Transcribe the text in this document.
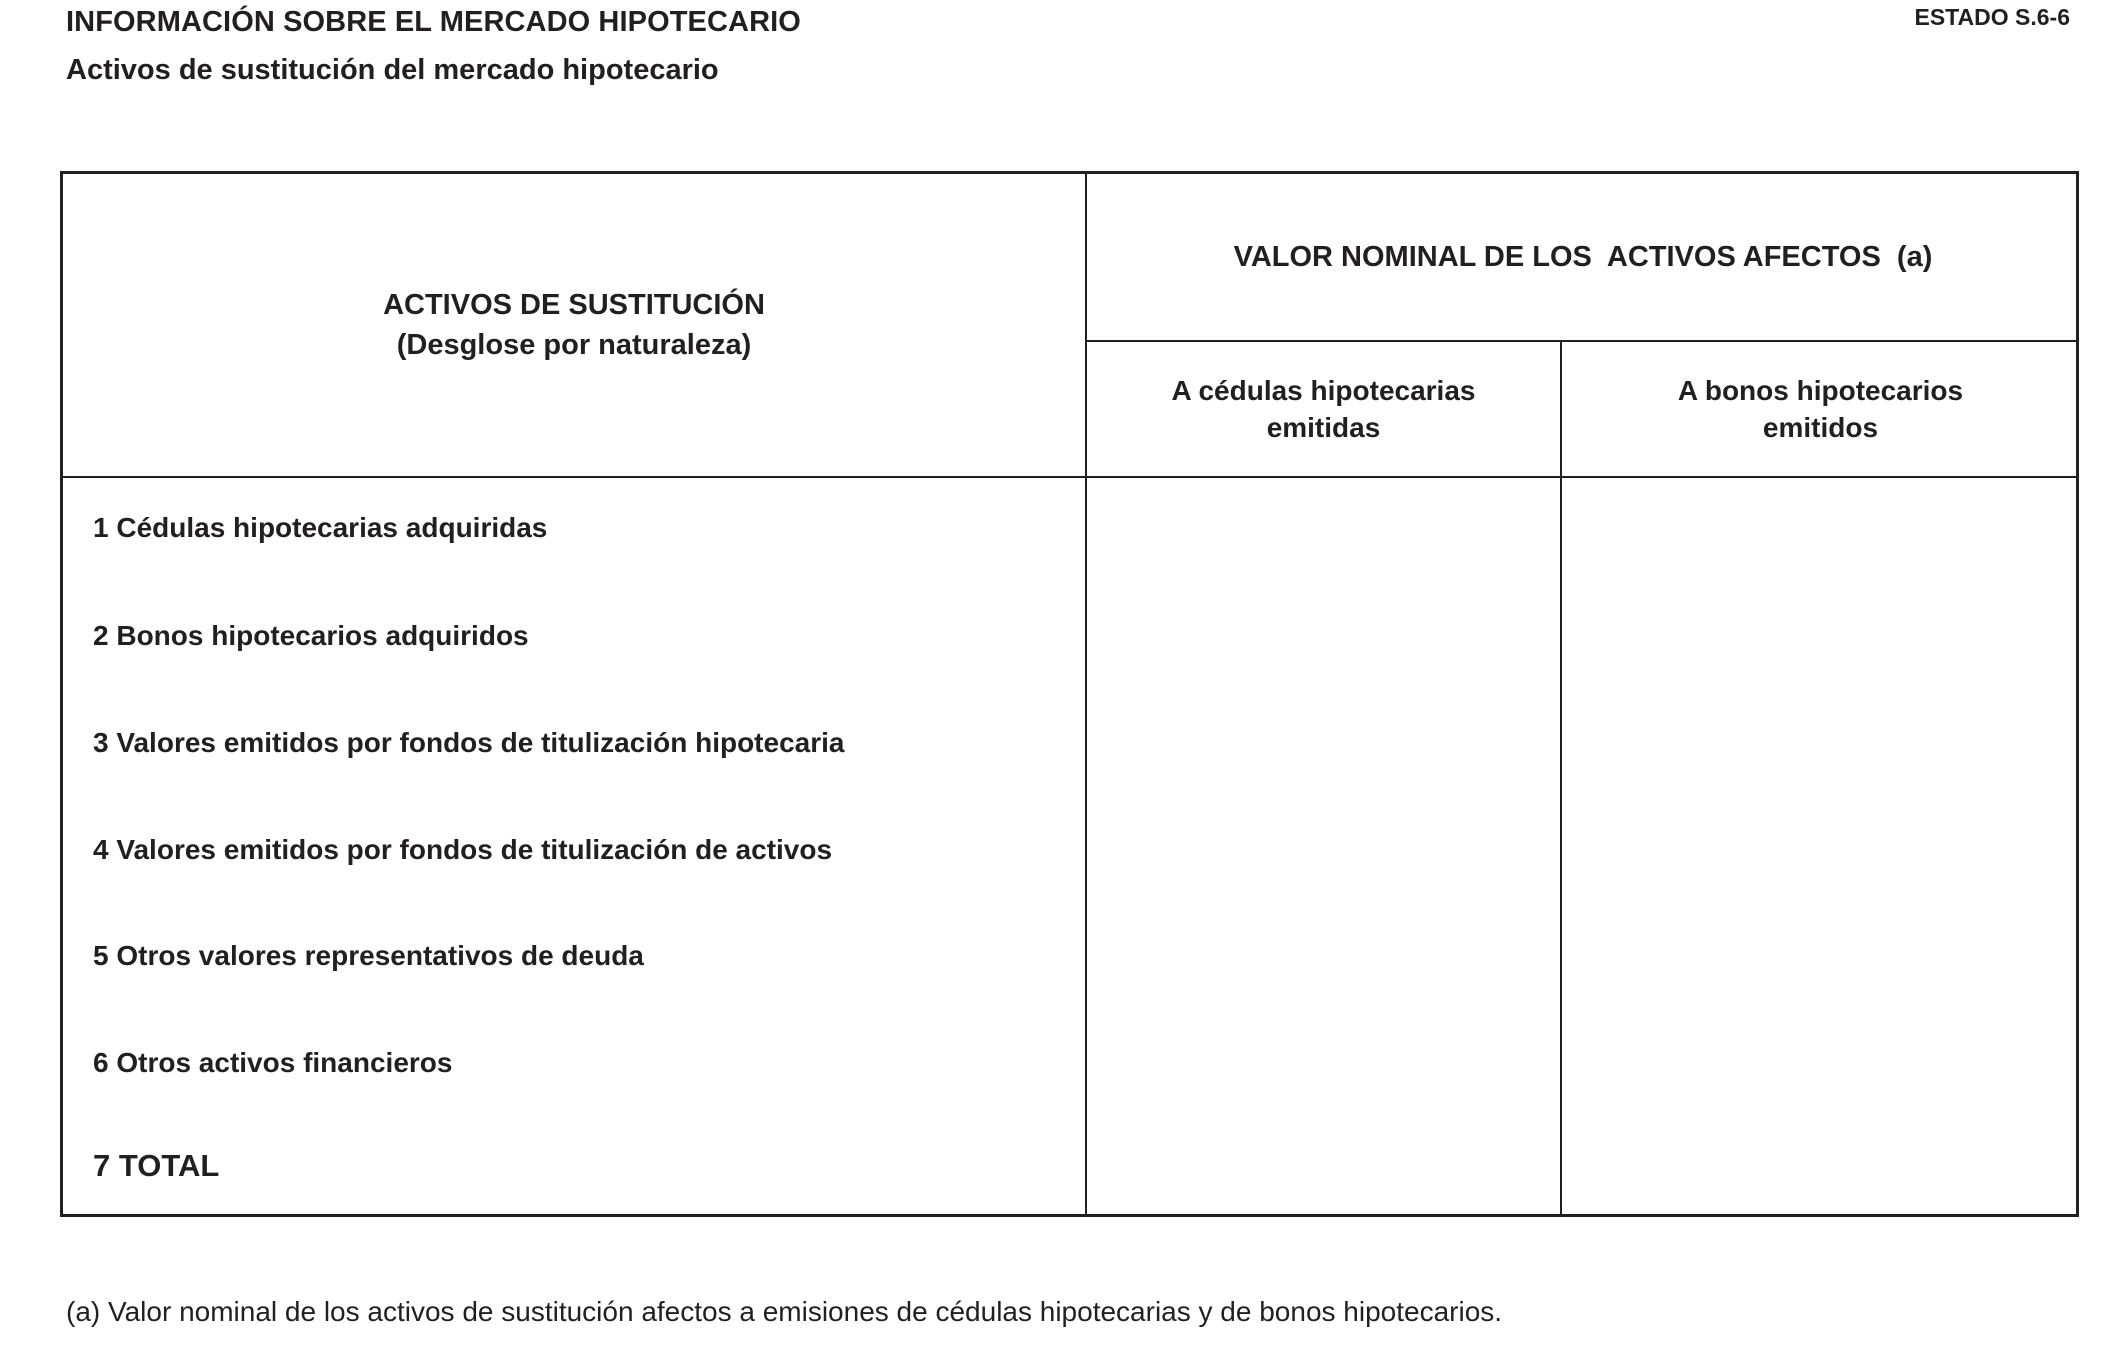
INFORMACIÓN SOBRE EL MERCADO HIPOTECARIO
Activos de sustitución del mercado hipotecario
ESTADO S.6-6
ACTIVOS DE SUSTITUCIÓN
(Desglose por naturaleza)
VALOR NOMINAL DE LOS  ACTIVOS AFECTOS  (a)
A cédulas hipotecarias
emitidas
A bonos hipotecarios
emitidos
1 Cédulas hipotecarias adquiridas
2 Bonos hipotecarios adquiridos
3 Valores emitidos por fondos de titulización hipotecaria
4 Valores emitidos por fondos de titulización de activos
5 Otros valores representativos de deuda
6 Otros activos financieros
7 TOTAL
(a) Valor nominal de los activos de sustitución afectos a emisiones de cédulas hipotecarias y de bonos hipotecarios.
